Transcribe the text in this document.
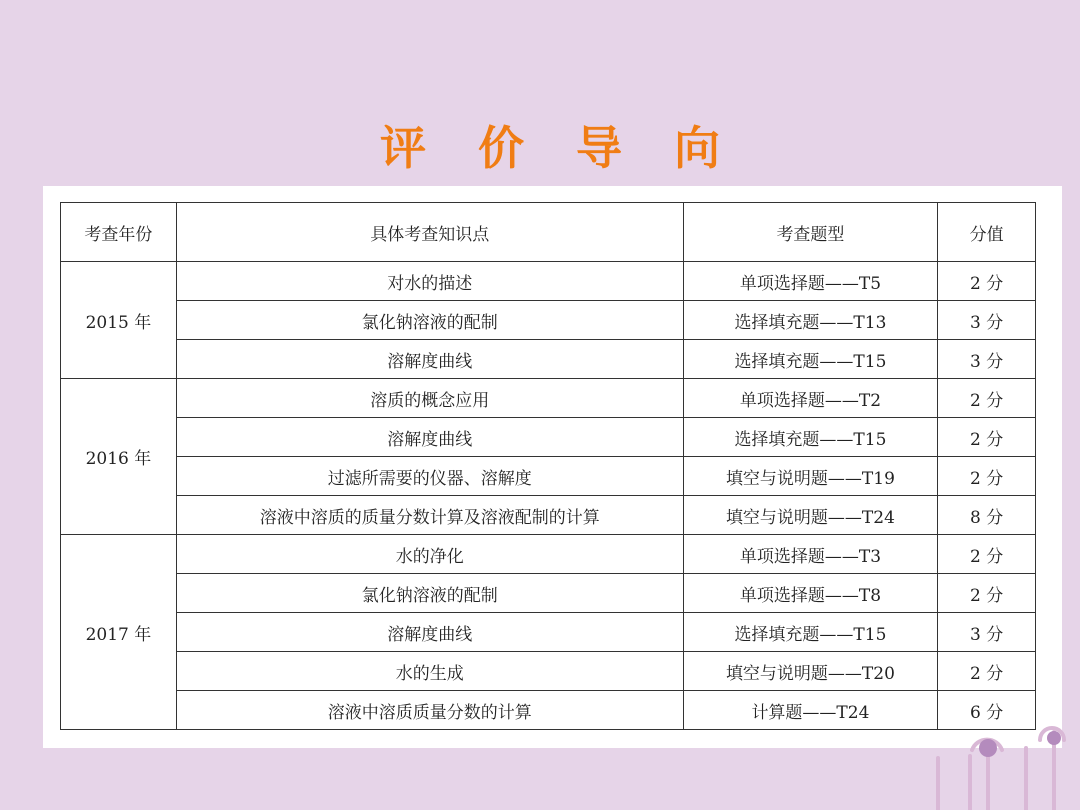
评 价 导 向
考查年份	具体考查知识点	考查题型	分值
2015 年	对水的描述	单项选择题——T5	2 分
	氯化钠溶液的配制	选择填充题——T13	3 分
	溶解度曲线	选择填充题——T15	3 分
2016 年	溶质的概念应用	单项选择题——T2	2 分
	溶解度曲线	选择填充题——T15	2 分
	过滤所需要的仪器、溶解度	填空与说明题——T19	2 分
	溶液中溶质的质量分数计算及溶液配制的计算	填空与说明题——T24	8 分
2017 年	水的净化	单项选择题——T3	2 分
	氯化钠溶液的配制	单项选择题——T8	2 分
	溶解度曲线	选择填充题——T15	3 分
	水的生成	填空与说明题——T20	2 分
	溶液中溶质质量分数的计算	计算题——T24	6 分
